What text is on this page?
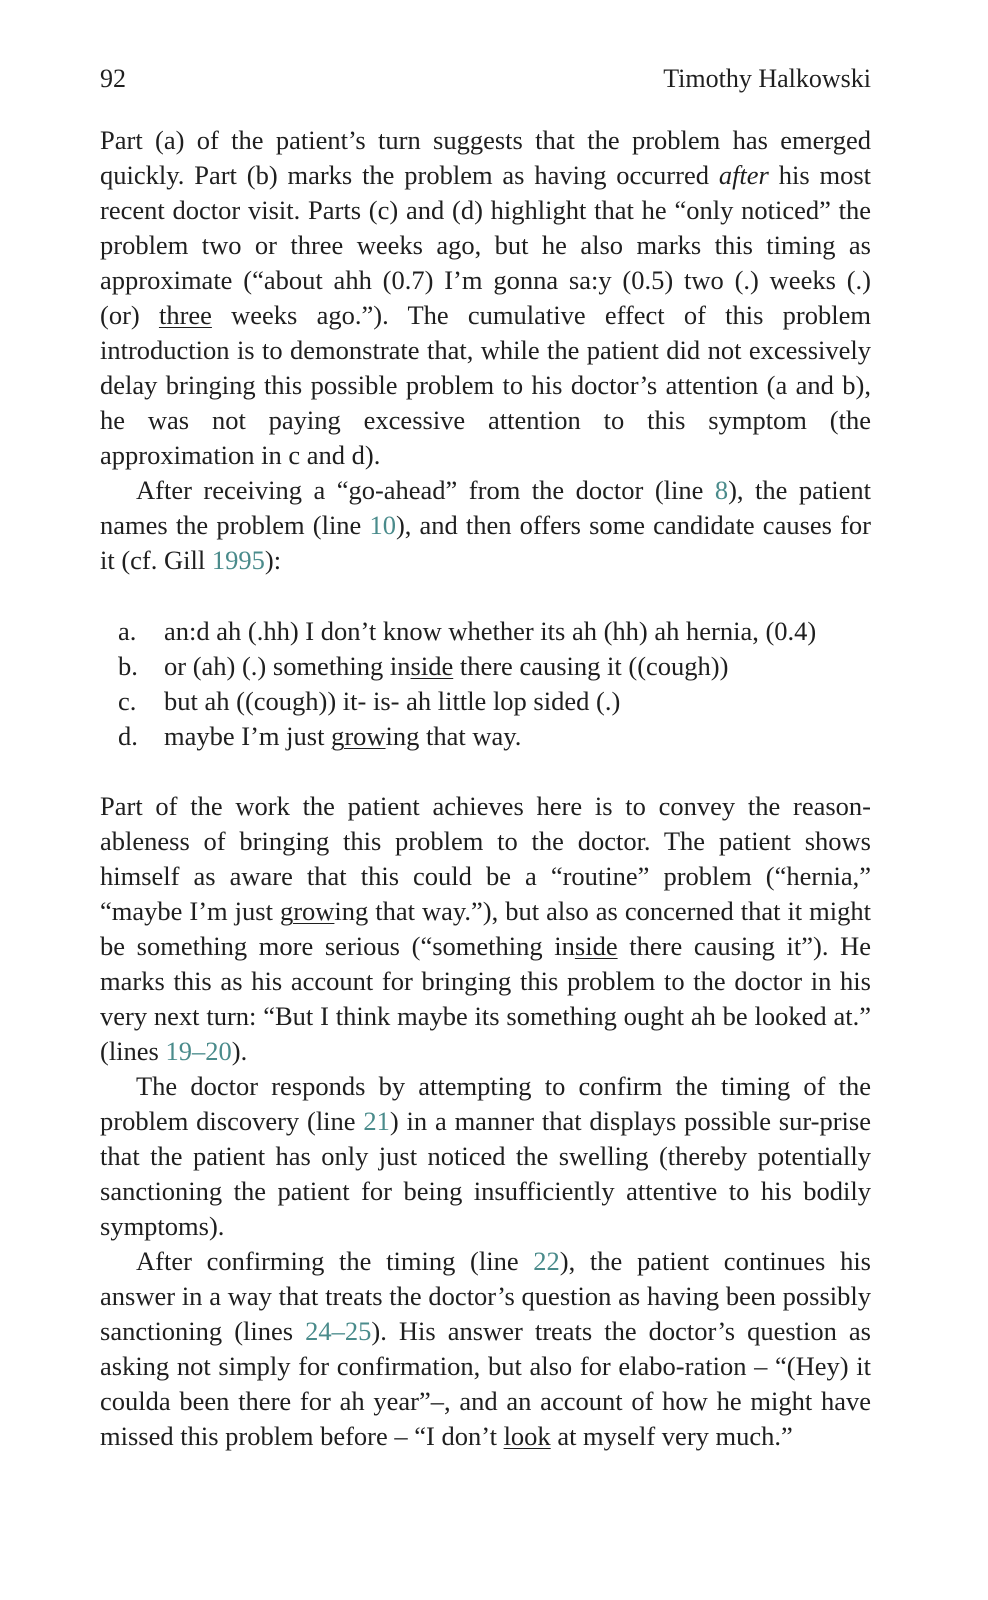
92	Timothy Halkowski

Part (a) of the patient’s turn suggests that the problem has emerged quickly. Part (b) marks the problem as having occurred after his most recent doctor visit. Parts (c) and (d) highlight that he “only noticed” the problem two or three weeks ago, but he also marks this timing as approximate (“about ahh (0.7) I’m gonna sa:y (0.5) two (.) weeks (.) (or) three weeks ago.”). The cumulative effect of this problem introduction is to demonstrate that, while the patient did not excessively delay bringing this possible problem to his doctor’s attention (a and b), he was not paying excessive attention to this symptom (the approximation in c and d).

After receiving a “go-ahead” from the doctor (line 8), the patient names the problem (line 10), and then offers some candidate causes for it (cf. Gill 1995):

a. an:d ah (.hh) I don’t know whether its ah (hh) ah hernia, (0.4)
b. or (ah) (.) something inside there causing it ((cough))
c. but ah ((cough)) it- is- ah little lop sided (.)
d. maybe I’m just growing that way.

Part of the work the patient achieves here is to convey the reason-ableness of bringing this problem to the doctor. The patient shows himself as aware that this could be a “routine” problem (“hernia,” “maybe I’m just growing that way.”), but also as concerned that it might be something more serious (“something inside there causing it”). He marks this as his account for bringing this problem to the doctor in his very next turn: “But I think maybe its something ought ah be looked at.” (lines 19–20).

The doctor responds by attempting to confirm the timing of the problem discovery (line 21) in a manner that displays possible sur-prise that the patient has only just noticed the swelling (thereby potentially sanctioning the patient for being insufficiently attentive to his bodily symptoms).

After confirming the timing (line 22), the patient continues his answer in a way that treats the doctor’s question as having been possibly sanctioning (lines 24–25). His answer treats the doctor’s question as asking not simply for confirmation, but also for elabo-ration – “(Hey) it coulda been there for ah year”–, and an account of how he might have missed this problem before – “I don’t look at myself very much.”
